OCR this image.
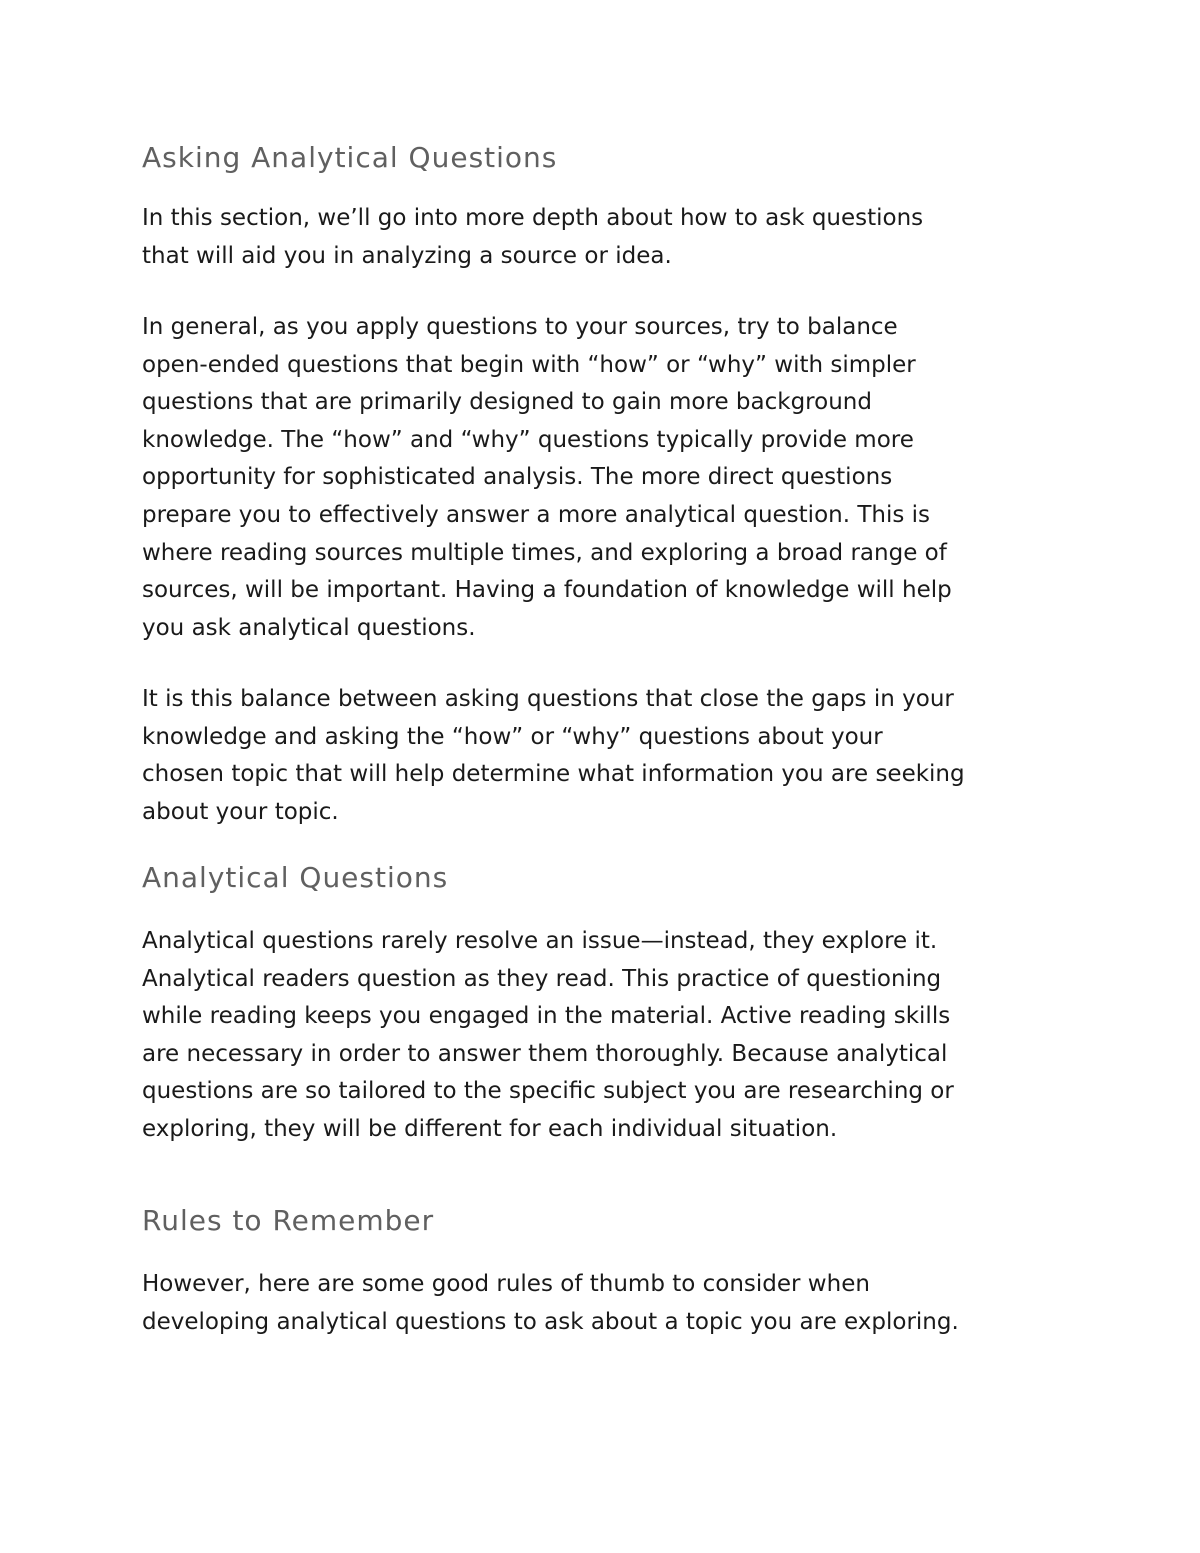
Asking Analytical Questions

In this section, we’ll go into more depth about how to ask questions
that will aid you in analyzing a source or idea.

In general, as you apply questions to your sources, try to balance
open-ended questions that begin with “how” or “why” with simpler
questions that are primarily designed to gain more background
knowledge. The “how” and “why” questions typically provide more
opportunity for sophisticated analysis. The more direct questions
prepare you to effectively answer a more analytical question. This is
where reading sources multiple times, and exploring a broad range of
sources, will be important. Having a foundation of knowledge will help
you ask analytical questions.

It is this balance between asking questions that close the gaps in your
knowledge and asking the “how” or “why” questions about your
chosen topic that will help determine what information you are seeking
about your topic.

Analytical Questions

Analytical questions rarely resolve an issue—instead, they explore it.
Analytical readers question as they read. This practice of questioning
while reading keeps you engaged in the material. Active reading skills
are necessary in order to answer them thoroughly. Because analytical
questions are so tailored to the specific subject you are researching or
exploring, they will be different for each individual situation.

Rules to Remember

However, here are some good rules of thumb to consider when
developing analytical questions to ask about a topic you are exploring.
